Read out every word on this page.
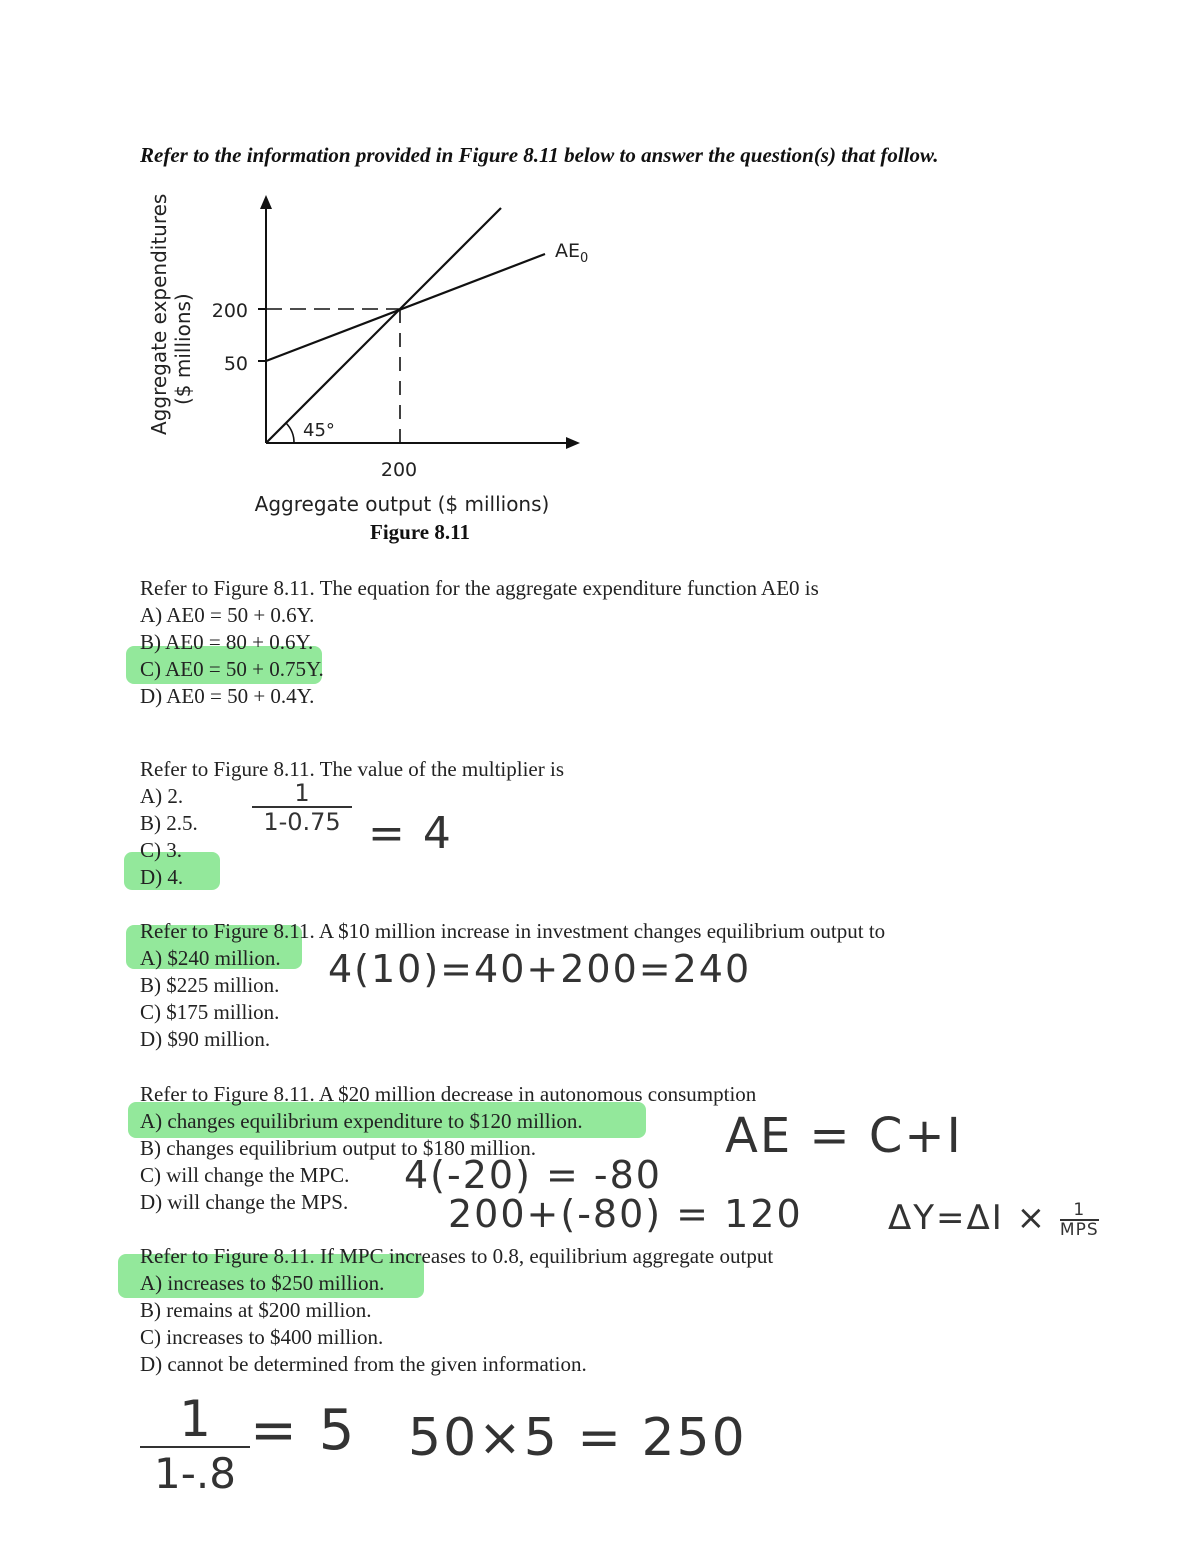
Refer to the information provided in Figure 8.11 below to answer the question(s) that follow.
Aggregate expenditures ($ millions) 200
50
200
Aggregate output ($ millions)
45°
$AE_0$
Figure 8.11
Refer to Figure 8.11. The equation for the aggregate expenditure function AE0 is
A) AE0 = 50 + 0.6Y.
B) AE0 = 80 + 0.6Y.
C) AE0 = 50 + 0.75Y.
D) AE0 = 50 + 0.4Y.
Refer to Figure 8.11. The value of the multiplier is
A) 2.
B) 2.5.
C) 3.
D) 4.
Refer to Figure 8.11. A $10 million increase in investment changes equilibrium output to
A) $240 million.
B) $225 million.
C) $175 million.
D) $90 million.
Refer to Figure 8.11. A $20 million decrease in autonomous consumption
A) changes equilibrium expenditure to $120 million.
B) changes equilibrium output to $180 million.
C) will change the MPC.
D) will change the MPS.
Refer to Figure 8.11. If MPC increases to 0.8, equilibrium aggregate output
A) increases to $250 million.
B) remains at $200 million.
C) increases to $400 million.
D) cannot be determined from the given information.
$\frac{1}{1-0.75} = 4$
4(10)=40+200=240
AE = C+I
4(-20) = -80
200+(-80) = 120	ΔY=ΔI ×	1
MPS
1
1-.8
= 5 50×5 = 250
